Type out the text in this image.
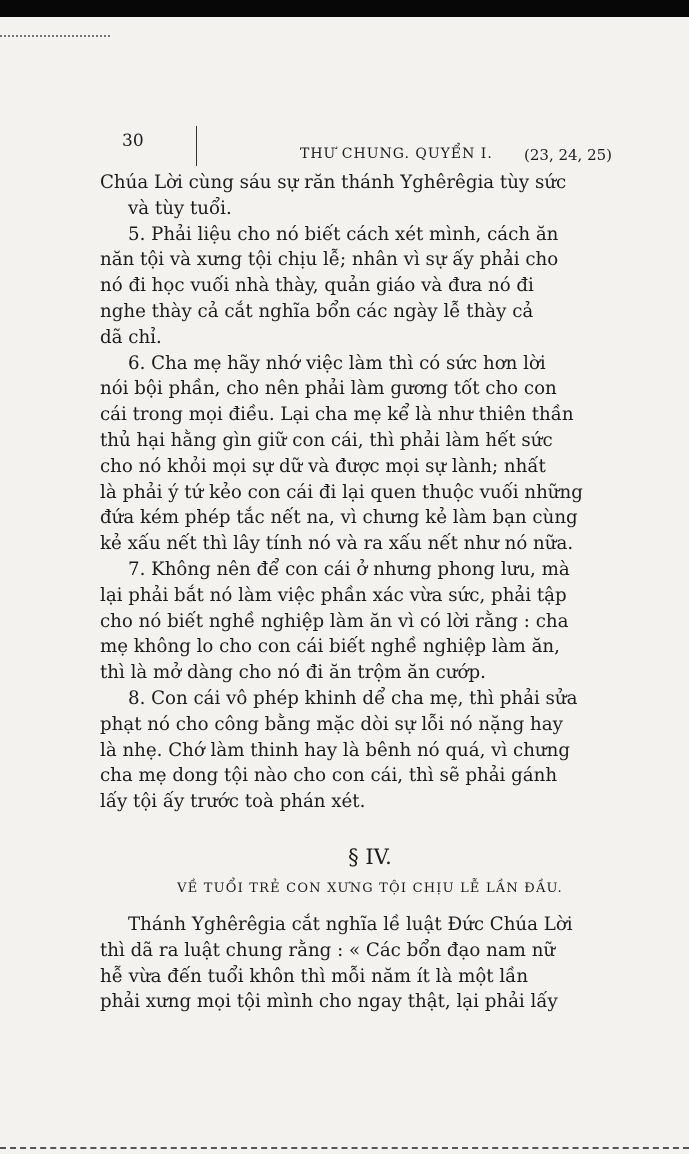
30
THƯ CHUNG. QUYỂN I. (23, 24, 25)
Chúa Lời cùng sáu sự răn thánh Yghêrêgia tùy sức
và tùy tuổi.
5. Phải liệu cho nó biết cách xét mình, cách ăn
năn tội và xưng tội chịu lễ; nhân vì sự ấy phải cho
nó đi học vuối nhà thày, quản giáo và đưa nó đi
nghe thày cả cắt nghĩa bổn các ngày lễ thày cả
dã chỉ.
6. Cha mẹ hãy nhớ việc làm thì có sức hơn lời
nói bội phần, cho nên phải làm gương tốt cho con
cái trong mọi điều. Lại cha mẹ kể là như thiên thần
thủ hại hằng gìn giữ con cái, thì phải làm hết sức
cho nó khỏi mọi sự dữ và được mọi sự lành; nhất
là phải ý tứ kẻo con cái đi lại quen thuộc vuối những
đứa kém phép tắc nết na, vì chưng kẻ làm bạn cùng
kẻ xấu nết thì lây tính nó và ra xấu nết như nó nữa.
7. Không nên để con cái ở nhưng phong lưu, mà
lại phải bắt nó làm việc phần xác vừa sức, phải tập
cho nó biết nghề nghiệp làm ăn vì có lời rằng : cha
mẹ không lo cho con cái biết nghề nghiệp làm ăn,
thì là mở dàng cho nó đi ăn trộm ăn cướp.
8. Con cái vô phép khinh dể cha mẹ, thì phải sửa
phạt nó cho công bằng mặc dòi sự lỗi nó nặng hay
là nhẹ. Chớ làm thinh hay là bênh nó quá, vì chưng
cha mẹ dong tội nào cho con cái, thì sẽ phải gánh
lấy tội ấy trước toà phán xét.
§ IV.
VỀ TUỔI TRẺ CON XƯNG TỘI CHỊU LỄ LẦN ĐẦU.
Thánh Yghêrêgia cắt nghĩa lề luật Đức Chúa Lời
thì dã ra luật chung rằng : « Các bổn đạo nam nữ
hễ vừa đến tuổi khôn thì mỗi năm ít là một lần
phải xưng mọi tội mình cho ngay thật, lại phải lấy
